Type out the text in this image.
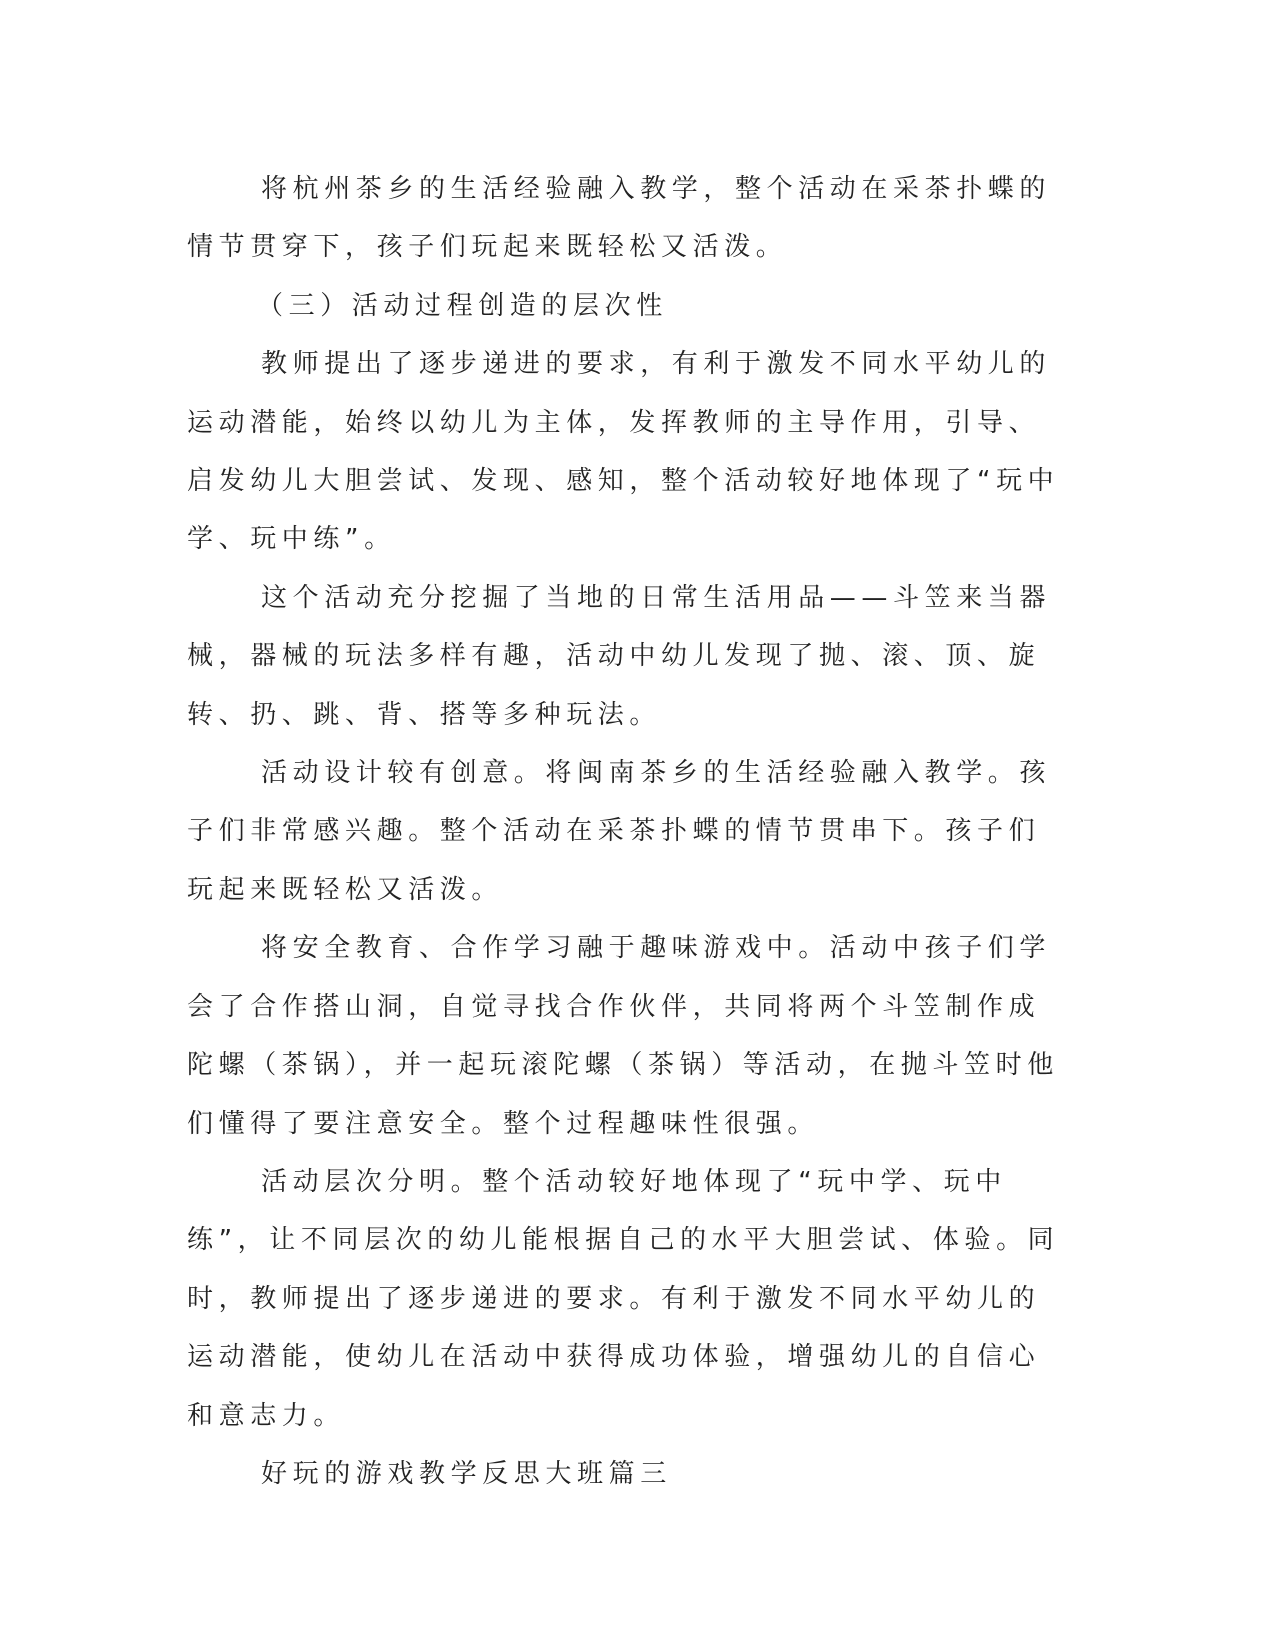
将杭州茶乡的生活经验融入教学，整个活动在采茶扑蝶的情节贯穿下，孩子们玩起来既轻松又活泼。

（三）活动过程创造的层次性

教师提出了逐步递进的要求，有利于激发不同水平幼儿的运动潜能，始终以幼儿为主体，发挥教师的主导作用，引导、启发幼儿大胆尝试、发现、感知，整个活动较好地体现了“玩中学、玩中练”。

这个活动充分挖掘了当地的日常生活用品——斗笠来当器械，器械的玩法多样有趣，活动中幼儿发现了抛、滚、顶、旋转、扔、跳、背、搭等多种玩法。

活动设计较有创意。将闽南茶乡的生活经验融入教学。孩子们非常感兴趣。整个活动在采茶扑蝶的情节贯串下。孩子们玩起来既轻松又活泼。

将安全教育、合作学习融于趣味游戏中。活动中孩子们学会了合作搭山洞，自觉寻找合作伙伴，共同将两个斗笠制作成陀螺（茶锅），并一起玩滚陀螺（茶锅）等活动，在抛斗笠时他们懂得了要注意安全。整个过程趣味性很强。

活动层次分明。整个活动较好地体现了“玩中学、玩中练”，让不同层次的幼儿能根据自己的水平大胆尝试、体验。同时，教师提出了逐步递进的要求。有利于激发不同水平幼儿的运动潜能，使幼儿在活动中获得成功体验，增强幼儿的自信心和意志力。

好玩的游戏教学反思大班篇三
